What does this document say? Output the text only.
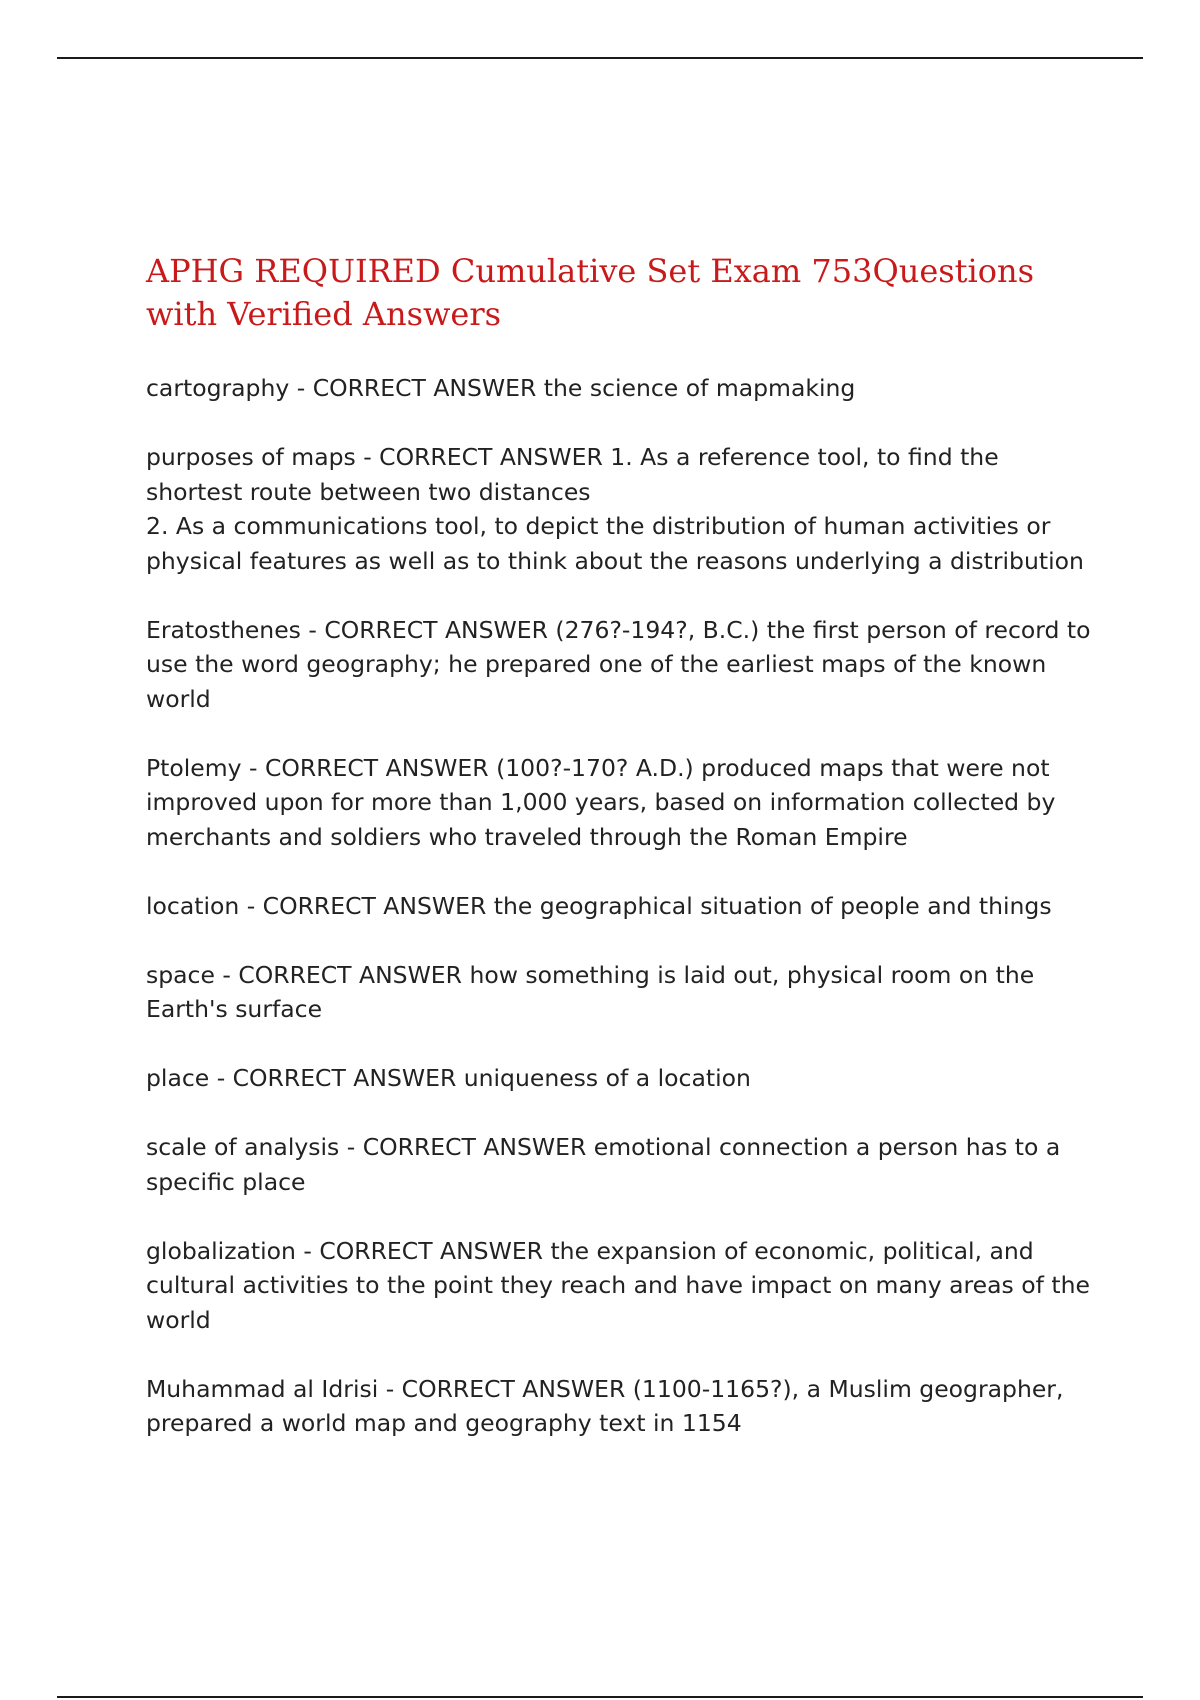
APHG REQUIRED Cumulative Set Exam 753Questions with Verified Answers

cartography - CORRECT ANSWER the science of mapmaking

purposes of maps - CORRECT ANSWER 1. As a reference tool, to find the shortest route between two distances
2. As a communications tool, to depict the distribution of human activities or physical features as well as to think about the reasons underlying a distribution

Eratosthenes - CORRECT ANSWER (276?-194?, B.C.) the first person of record to use the word geography; he prepared one of the earliest maps of the known world

Ptolemy - CORRECT ANSWER (100?-170? A.D.) produced maps that were not improved upon for more than 1,000 years, based on information collected by merchants and soldiers who traveled through the Roman Empire

location - CORRECT ANSWER the geographical situation of people and things

space - CORRECT ANSWER how something is laid out, physical room on the Earth's surface

place - CORRECT ANSWER uniqueness of a location

scale of analysis - CORRECT ANSWER emotional connection a person has to a specific place

globalization - CORRECT ANSWER the expansion of economic, political, and cultural activities to the point they reach and have impact on many areas of the world

Muhammad al Idrisi - CORRECT ANSWER (1100-1165?), a Muslim geographer, prepared a world map and geography text in 1154
